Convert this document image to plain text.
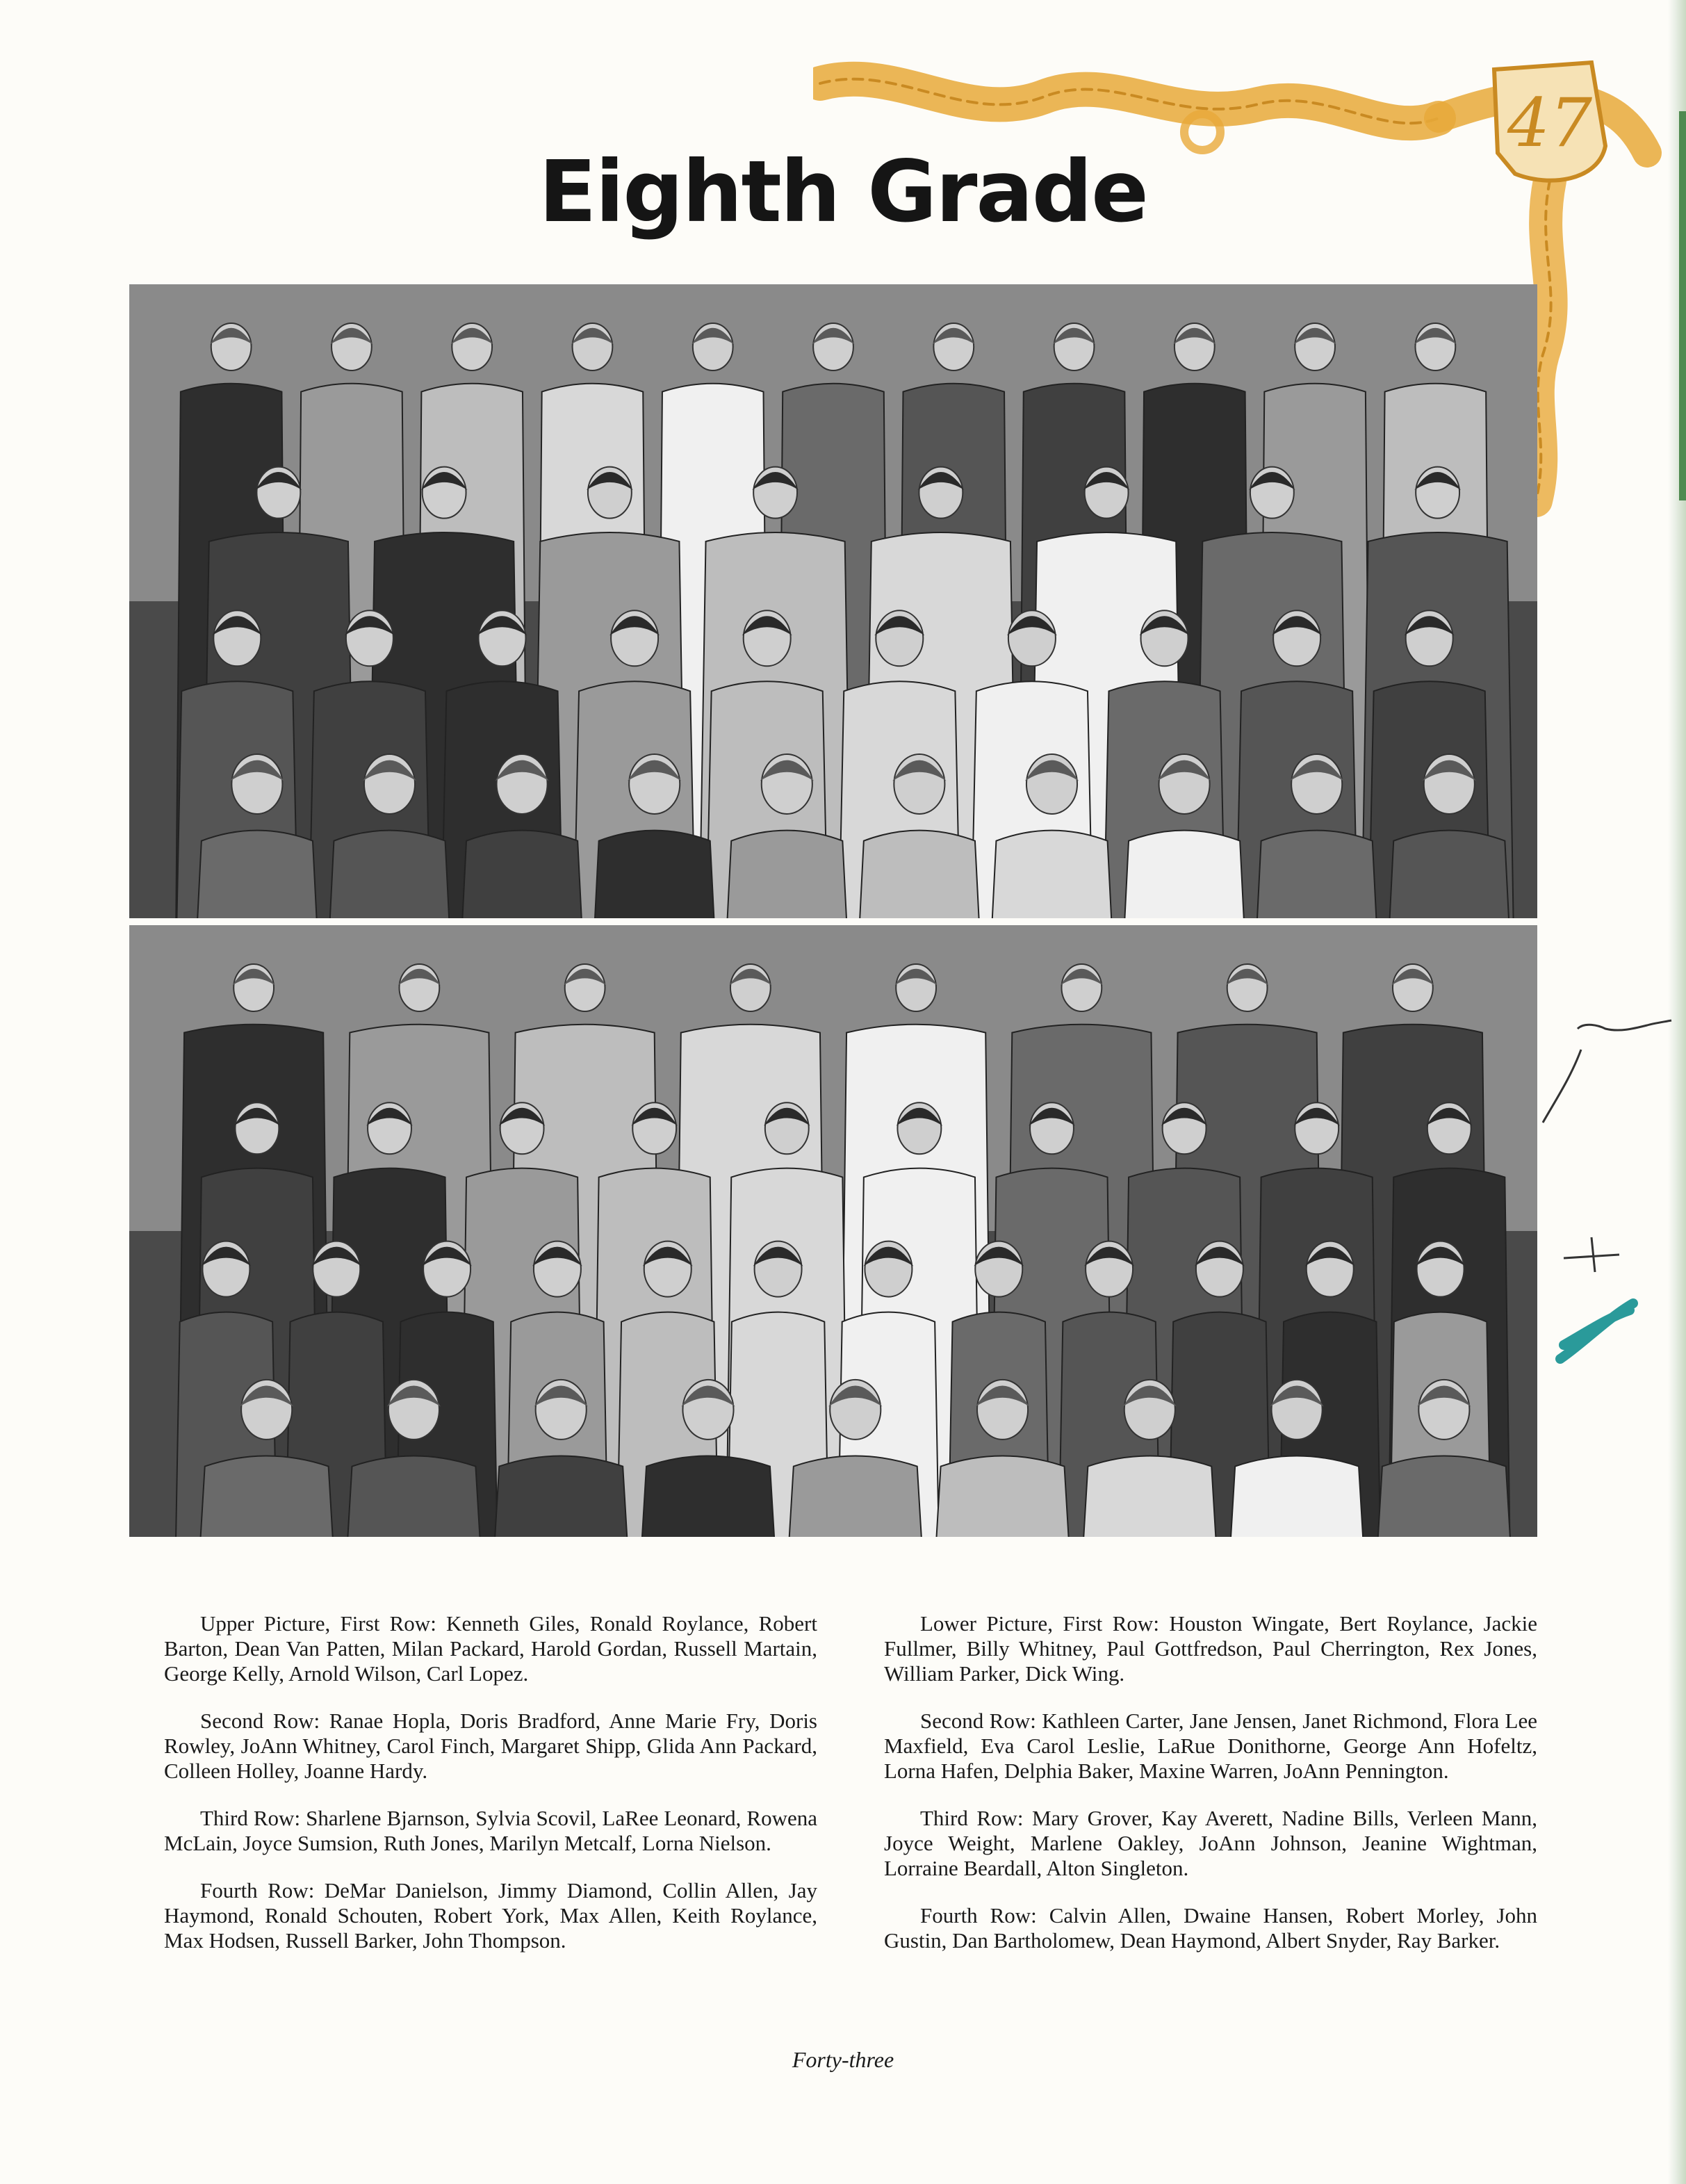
47
Eighth Grade

Upper Picture, First Row: Kenneth Giles, Ronald Roylance, Robert Barton, Dean Van Patten, Milan Packard, Harold Gordan, Russell Martain, George Kelly, Arnold Wilson, Carl Lopez.

Second Row: Ranae Hopla, Doris Bradford, Anne Marie Fry, Doris Rowley, JoAnn Whitney, Carol Finch, Margaret Shipp, Glida Ann Packard, Colleen Holley, Joanne Hardy.

Third Row: Sharlene Bjarnson, Sylvia Scovil, LaRee Leonard, Rowena McLain, Joyce Sumsion, Ruth Jones, Marilyn Metcalf, Lorna Nielson.

Fourth Row: DeMar Danielson, Jimmy Diamond, Collin Allen, Jay Haymond, Ronald Schouten, Robert York, Max Allen, Keith Roylance, Max Hodsen, Russell Barker, John Thompson.

Lower Picture, First Row: Houston Wingate, Bert Roylance, Jackie Fullmer, Billy Whitney, Paul Gottfredson, Paul Cherrington, Rex Jones, William Parker, Dick Wing.

Second Row: Kathleen Carter, Jane Jensen, Janet Richmond, Flora Lee Maxfield, Eva Carol Leslie, LaRue Donithorne, George Ann Hofeltz, Lorna Hafen, Delphia Baker, Maxine Warren, JoAnn Pennington.

Third Row: Mary Grover, Kay Averett, Nadine Bills, Verleen Mann, Joyce Weight, Marlene Oakley, JoAnn Johnson, Jeanine Wightman, Lorraine Beardall, Alton Singleton.

Fourth Row: Calvin Allen, Dwaine Hansen, Robert Morley, John Gustin, Dan Bartholomew, Dean Haymond, Albert Snyder, Ray Barker.

Forty-three
